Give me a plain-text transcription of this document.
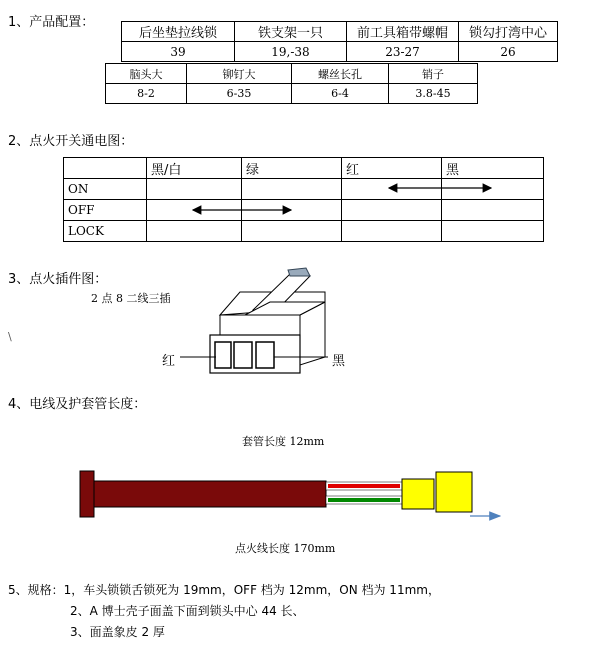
1、产品配置：
后坐垫拉线锁	铁支架一只	前工具箱带螺帽	锁勾打湾中心
39	19,-38	23-27	26
脑头大	铆钉大	螺丝长孔	销子
8-2	6-35	6-4	3.8-45
2、点火开关通电图：
	黑/白	绿	红	黑
ON				
OFF				
LOCK				
3、点火插件图：
2 点 8 二线三插
\
红	黑
4、电线及护套管长度：
套管长度 12mm
点火线长度 170mm
5、规格：1，车头锁锁舌锁死为 19mm，OFF 档为 12mm，ON 档为 11mm，
2、A 博士壳子面盖下面到锁头中心 44 长、
3、面盖象皮 2 厚
